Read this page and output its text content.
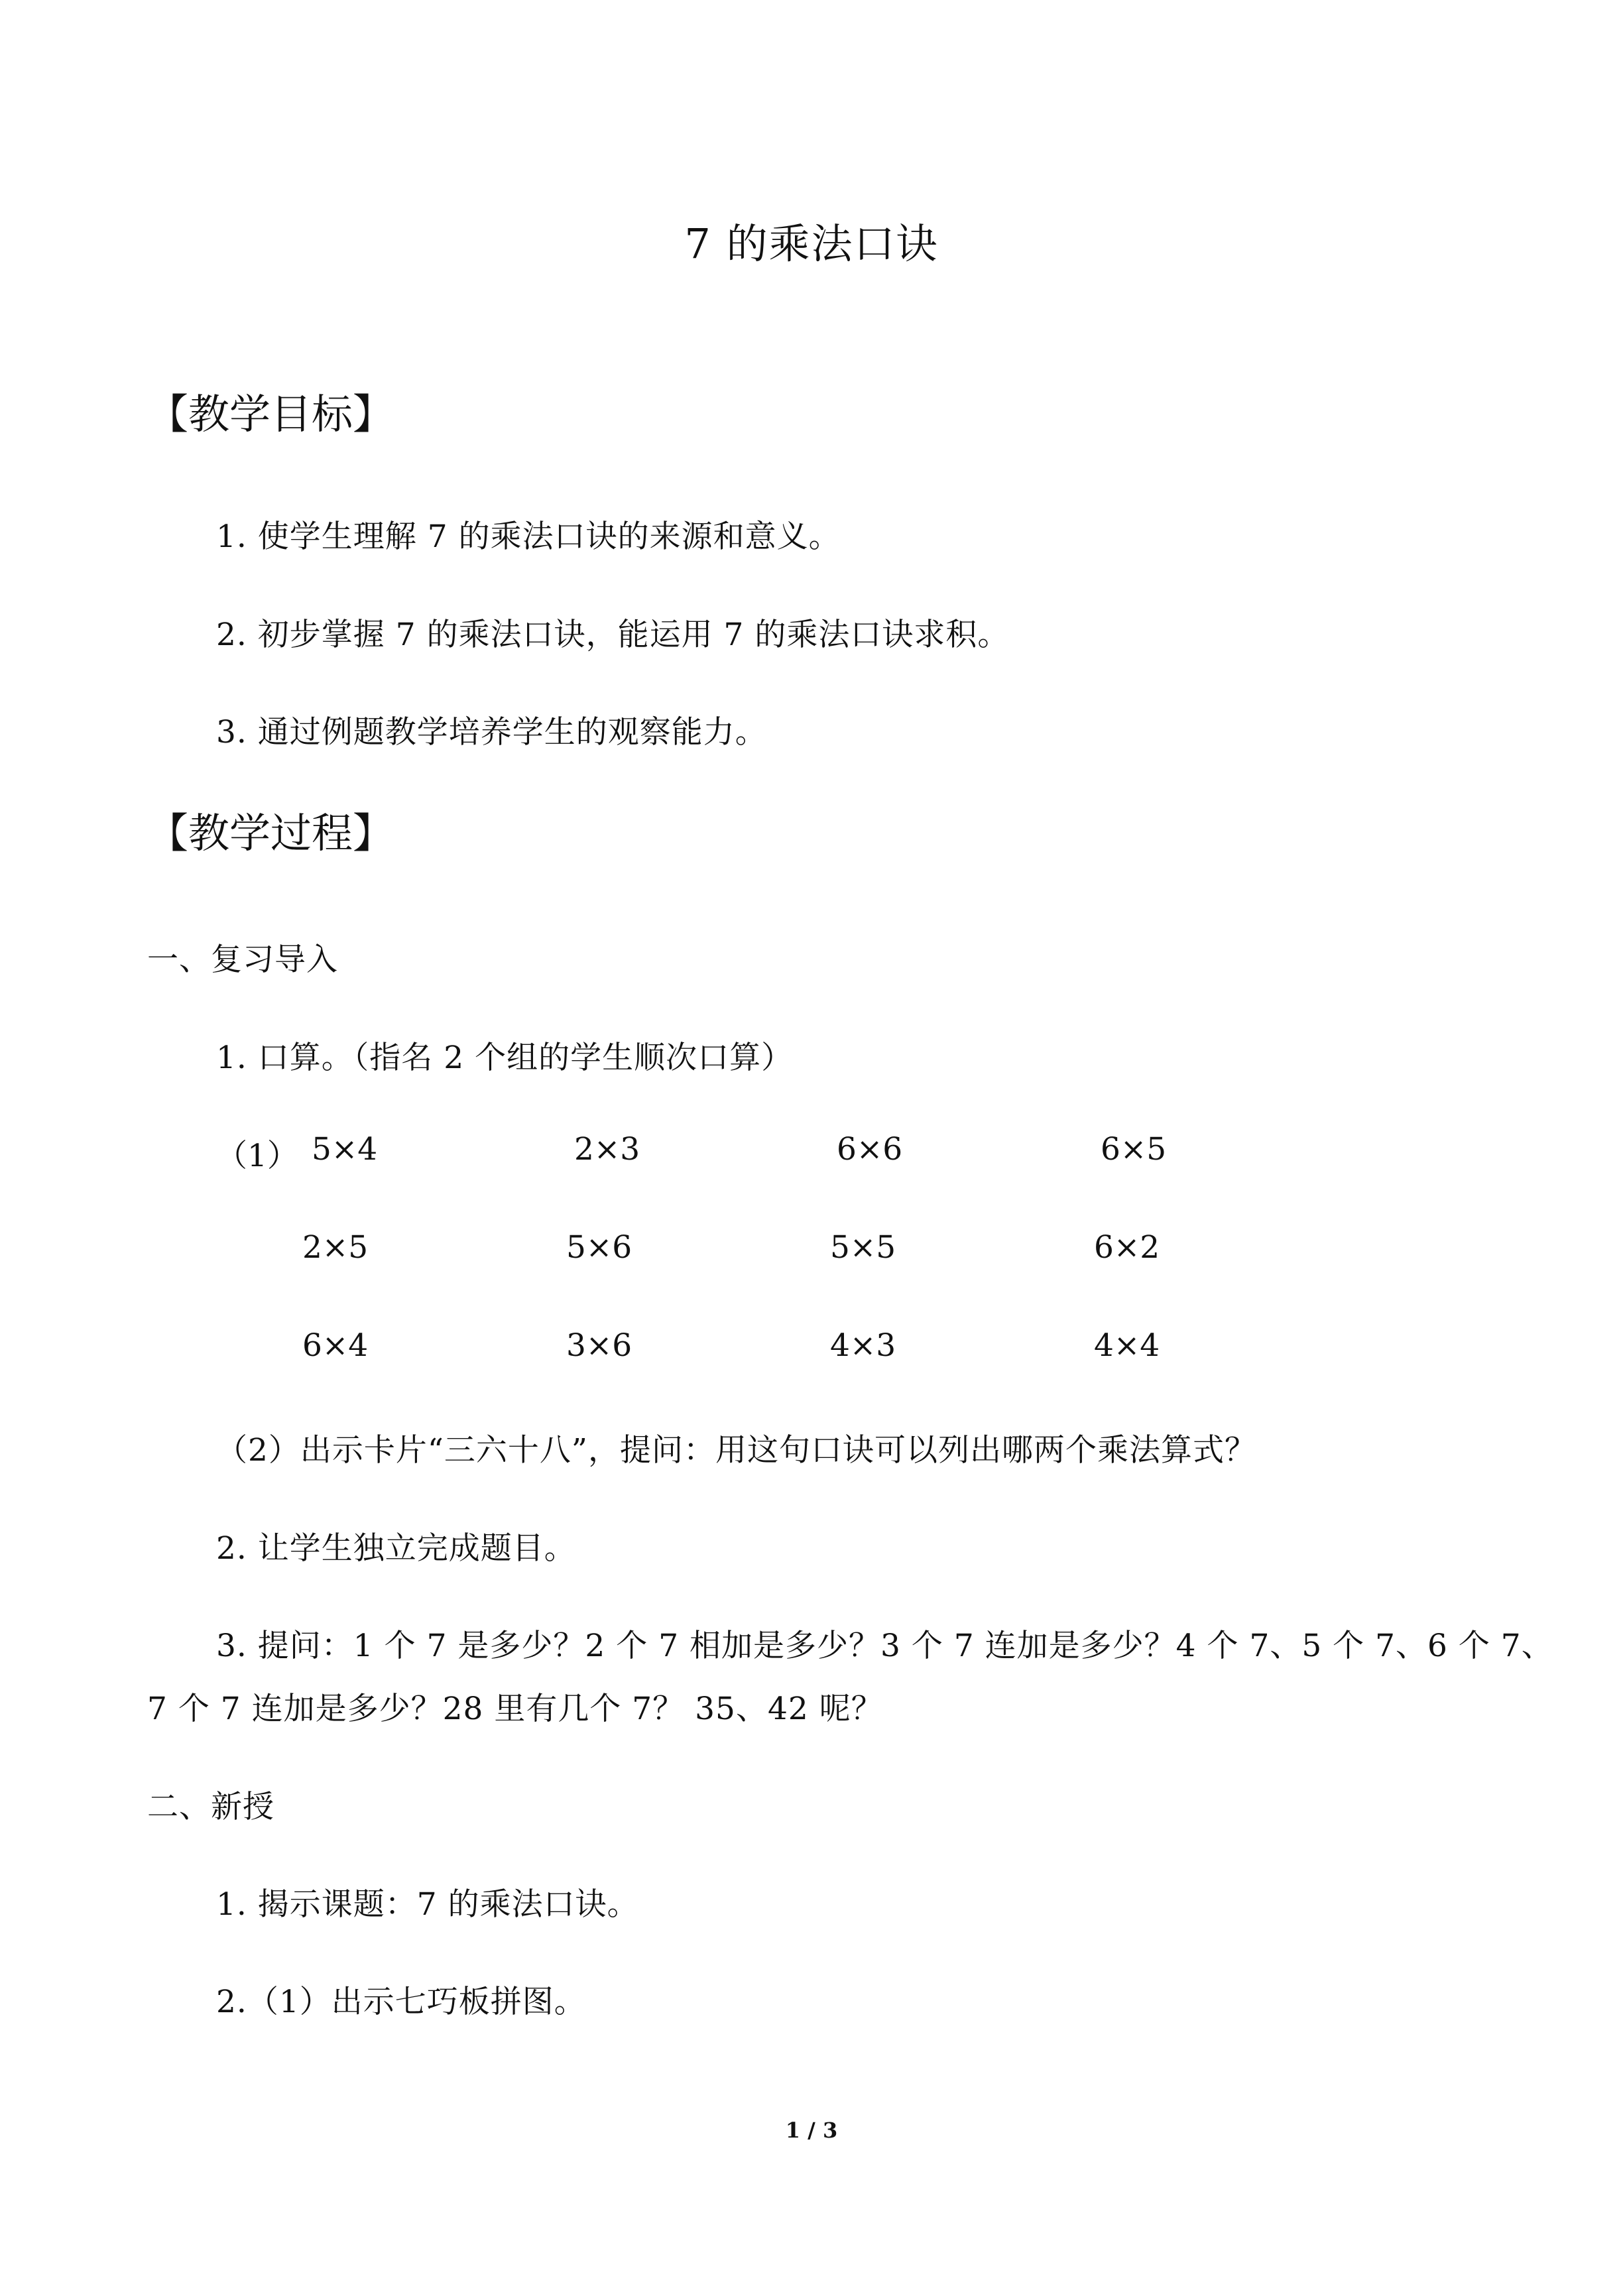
7 的乘法口诀
【教学目标】
1. 使学生理解 7 的乘法口诀的来源和意义。
2. 初步掌握 7 的乘法口诀，能运用 7 的乘法口诀求积。
3. 通过例题教学培养学生的观察能力。
【教学过程】
一、复习导入
1. 口算。（指名 2 个组的学生顺次口算）
（1） 5×4	2×3	6×6	6×5
2×5	5×6	5×5	6×2
6×4	3×6	4×3	4×4
（2）出示卡片“三六十八”，提问：用这句口诀可以列出哪两个乘法算式？
2. 让学生独立完成题目。
3. 提问：1 个 7 是多少？2 个 7 相加是多少？3 个 7 连加是多少？4 个 7、5 个 7、6 个 7、
7 个 7 连加是多少？28 里有几个 7？ 35、42 呢？
二、新授
1. 揭示课题：7 的乘法口诀。
2.（1）出示七巧板拼图。
1 / 3
